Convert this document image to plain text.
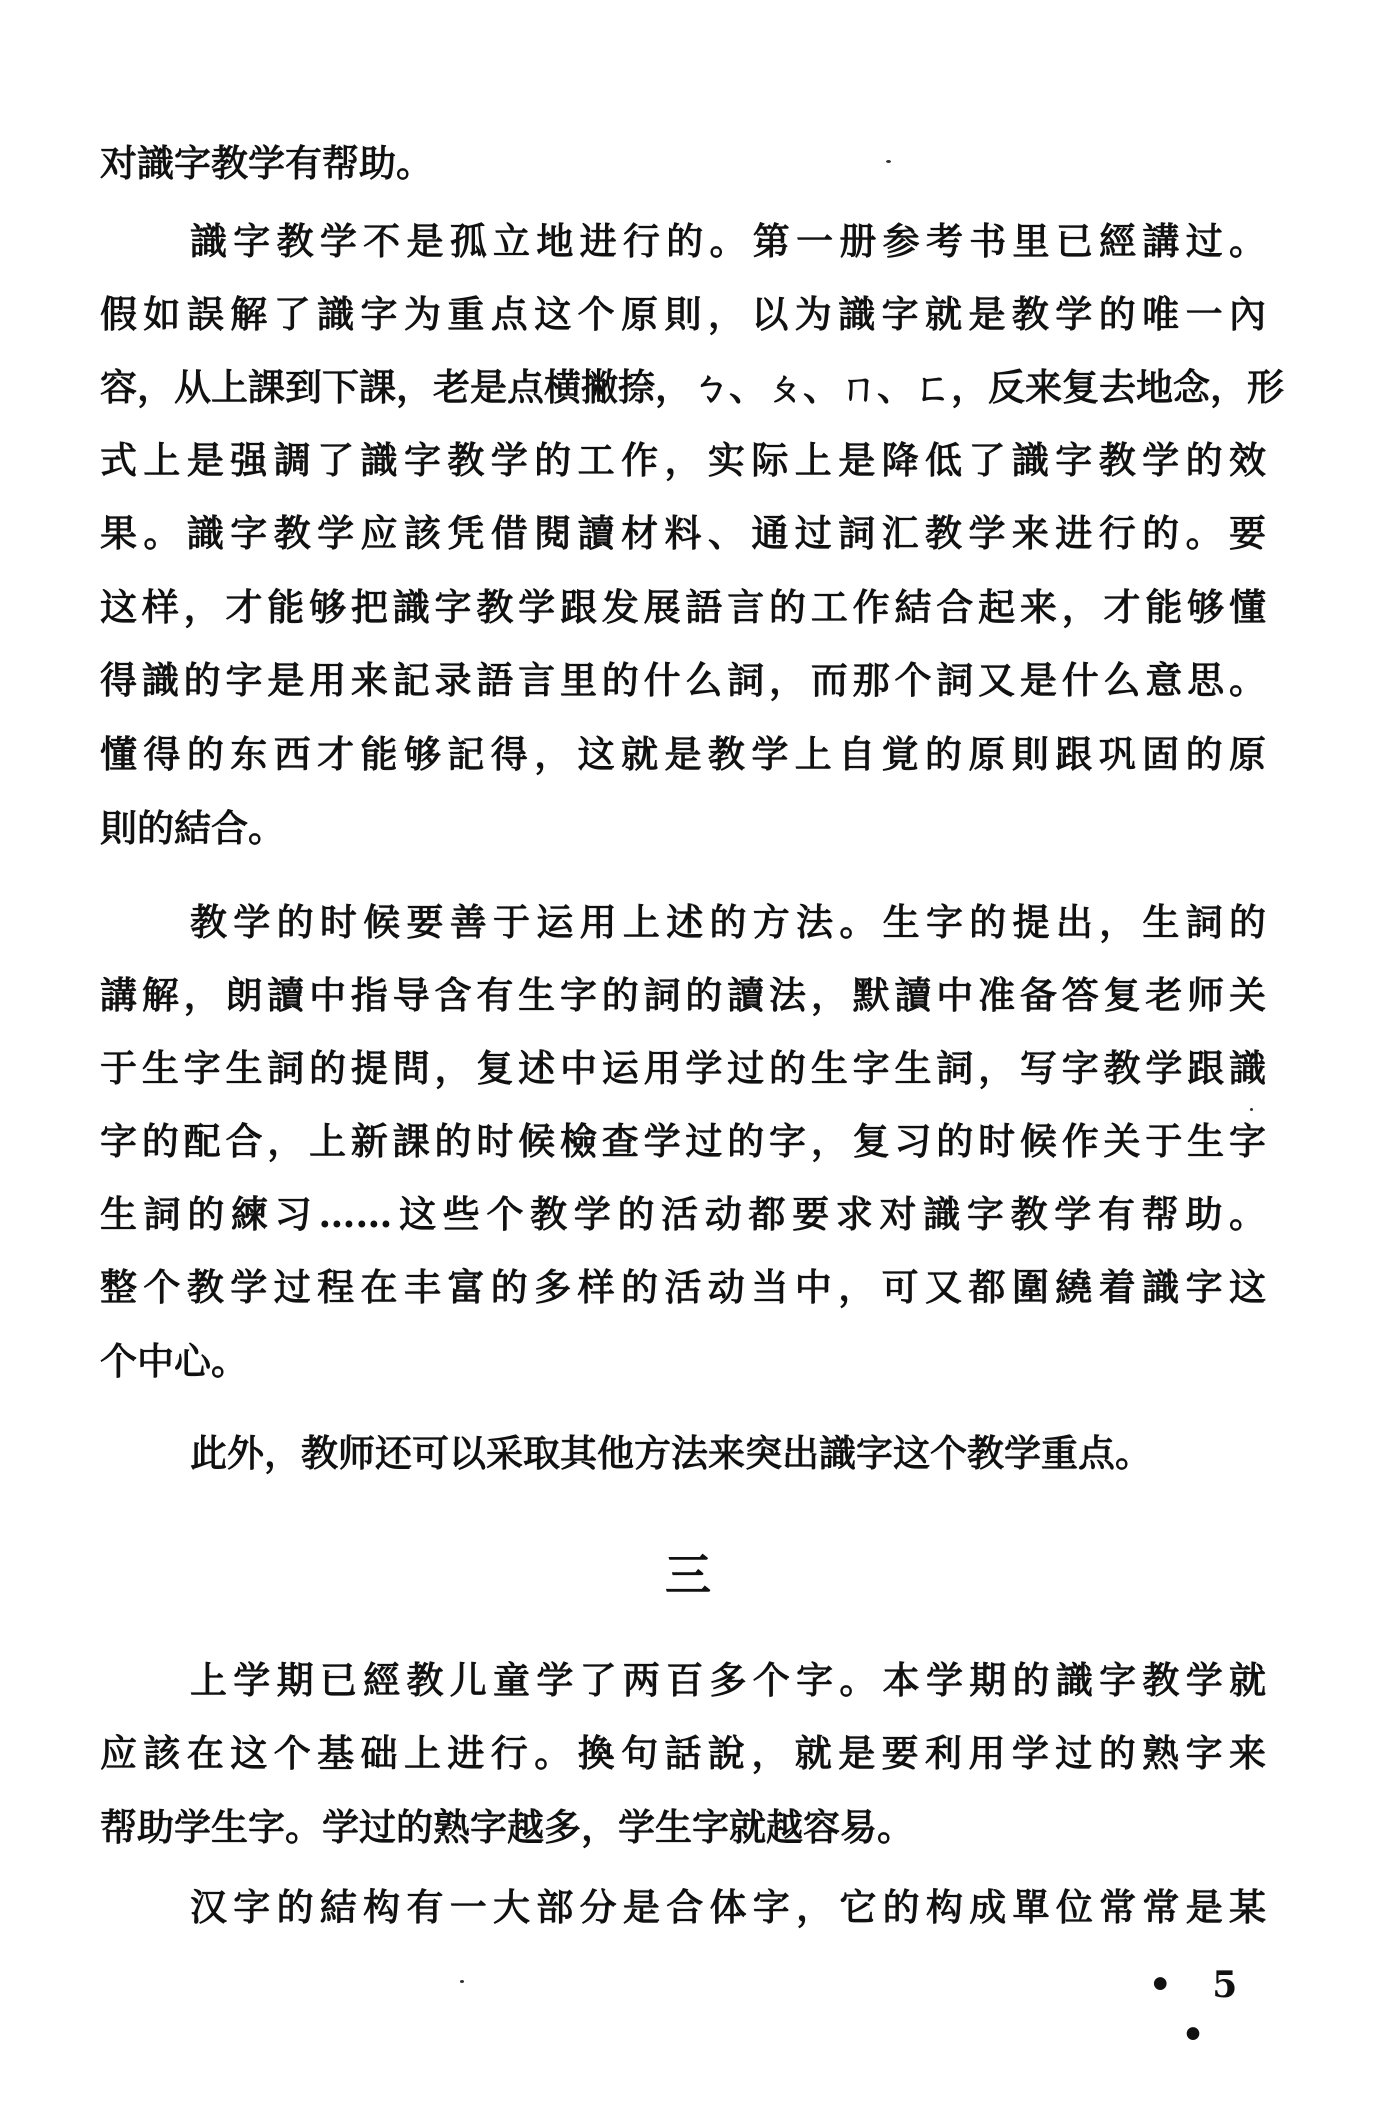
对識字教学有帮助。
識字教学不是孤立地进行的。第一册参考书里已經講过。
假如誤解了識字为重点这个原則，以为識字就是教学的唯一內
容，从上課到下課，老是点横撇捺，ㄅ、ㄆ、ㄇ、ㄈ，反来复去地念，形
式上是强調了識字教学的工作，实际上是降低了識字教学的效
果。識字教学应該凭借閱讀材料、通过詞汇教学来进行的。要
这样，才能够把識字教学跟发展語言的工作結合起来，才能够懂
得識的字是用来記录語言里的什么詞，而那个詞又是什么意思。
懂得的东西才能够記得，这就是教学上自覚的原則跟巩固的原
則的結合。
教学的时候要善于运用上述的方法。生字的提出，生詞的
講解，朗讀中指导含有生字的詞的讀法，默讀中准备答复老师关
于生字生詞的提問，复述中运用学过的生字生詞，写字教学跟識
字的配合，上新課的时候檢查学过的字，复习的时候作关于生字
生詞的練习……这些个教学的活动都要求对識字教学有帮助。
整个教学过程在丰富的多样的活动当中，可又都圍繞着識字这
个中心。
此外，教师还可以采取其他方法来突出識字这个教学重点。
三
上学期已經教儿童学了两百多个字。本学期的識字教学就
应該在这个基础上进行。換句話說，就是要利用学过的熟字来
帮助学生字。学过的熟字越多，学生字就越容易。
汉字的結构有一大部分是合体字，它的构成單位常常是某
• 5 •
